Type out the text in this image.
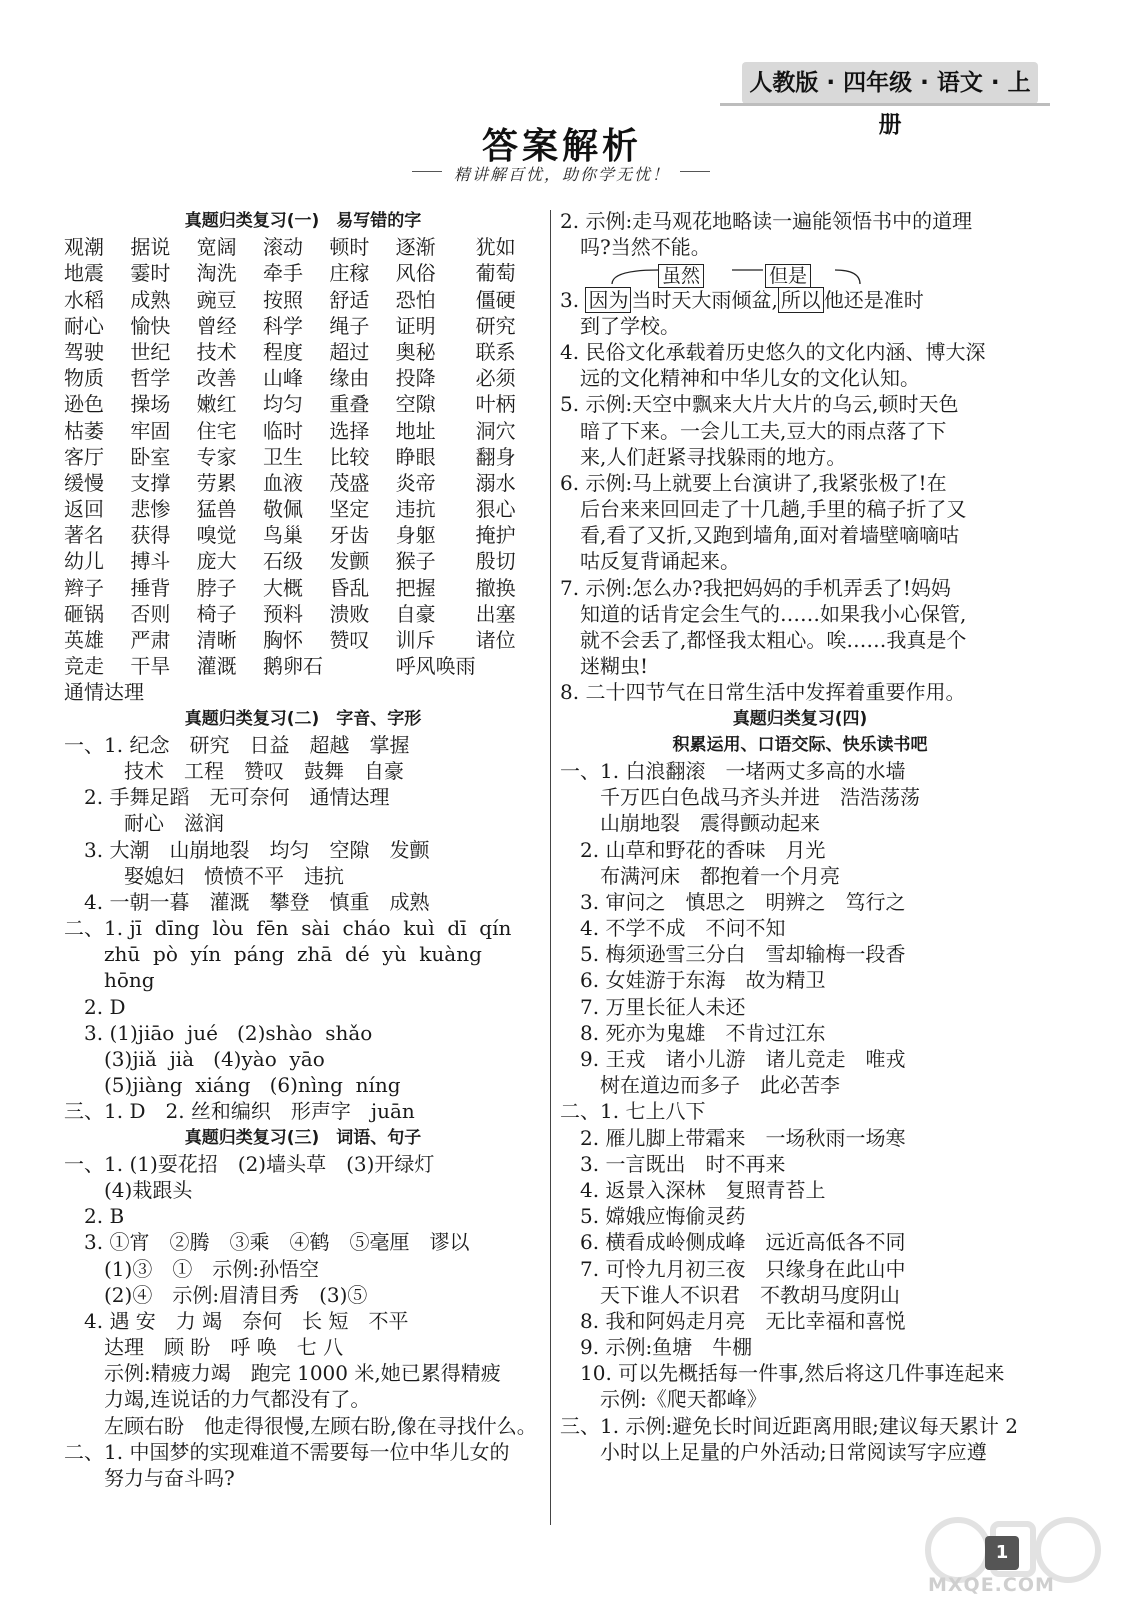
人教版 · 四年级 · 语文 · 上册
答案解析
精讲解百忧，助你学无忧！
真题归类复习(一)　易写错的字
观潮	据说	宽阔	滚动	顿时	逐渐	犹如
地震	霎时	淘洗	牵手	庄稼	风俗	葡萄
水稻	成熟	豌豆	按照	舒适	恐怕	僵硬
耐心	愉快	曾经	科学	绳子	证明	研究
驾驶	世纪	技术	程度	超过	奥秘	联系
物质	哲学	改善	山峰	缘由	投降	必须
逊色	操场	嫩红	均匀	重叠	空隙	叶柄
枯萎	牢固	住宅	临时	选择	地址	洞穴
客厅	卧室	专家	卫生	比较	睁眼	翻身
缓慢	支撑	劳累	血液	茂盛	炎帝	溺水
返回	悲惨	猛兽	敬佩	坚定	违抗	狠心
著名	获得	嗅觉	鸟巢	牙齿	身躯	掩护
幼儿	搏斗	庞大	石级	发颤	猴子	殷切
辫子	捶背	脖子	大概	昏乱	把握	撤换
砸锅	否则	椅子	预料	溃败	自豪	出塞
英雄	严肃	清晰	胸怀	赞叹	训斥	诸位
竞走	干旱	灌溉	鹅卵石	呼风唤雨
通情达理
真题归类复习(二)　字音、字形
一、1. 纪念　研究　日益　超越　掌握
　　　技术　工程　赞叹　鼓舞　自豪
　2. 手舞足蹈　无可奈何　通情达理
　　　耐心　滋润
　3. 大潮　山崩地裂　均匀　空隙　发颤
　　　娶媳妇　愤愤不平　违抗
　4. 一朝一暮　灌溉　攀登　慎重　成熟
二、1. jī  dīng  lòu  fēn  sài  cháo  kuì  dī  qín
　　zhū  pò  yín  páng  zhā  dé  yù  kuàng
　　hōng
　2. D
　3. (1)jiāo  jué   (2)shào  shǎo
　　(3)jiǎ  jià   (4)yào  yāo
　　(5)jiàng  xiáng   (6)nìng  níng
三、1. D　2. 丝和编织　形声字　juān
真题归类复习(三)　词语、句子
一、1. (1)耍花招　(2)墙头草　(3)开绿灯
　　(4)栽跟头
　2. B
　3. ①宵　②腾　③乘　④鹤　⑤毫厘　谬以
　　(1)③　①　示例:孙悟空
　　(2)④　示例:眉清目秀　(3)⑤
　4. 遇 安　力 竭　奈何　长 短　不平
　　达理　顾 盼　呼 唤　七 八
　　示例:精疲力竭　跑完 1000 米,她已累得精疲
　　力竭,连说话的力气都没有了。
　　左顾右盼　他走得很慢,左顾右盼,像在寻找什么。
二、1. 中国梦的实现难道不需要每一位中华儿女的
　　努力与奋斗吗?
2. 示例:走马观花地略读一遍能领悟书中的道理
　吗?当然不能。
虽然	但是
3. 因为 当时天大雨倾盆, 所以 他还是准时
　到了学校。
4. 民俗文化承载着历史悠久的文化内涵、博大深
　远的文化精神和中华儿女的文化认知。
5. 示例:天空中飘来大片大片的乌云,顿时天色
　暗了下来。一会儿工夫,豆大的雨点落了下
　来,人们赶紧寻找躲雨的地方。
6. 示例:马上就要上台演讲了,我紧张极了!在
　后台来来回回走了十几趟,手里的稿子折了又
　看,看了又折,又跑到墙角,面对着墙壁嘀嘀咕
　咕反复背诵起来。
7. 示例:怎么办?我把妈妈的手机弄丢了!妈妈
　知道的话肯定会生气的……如果我小心保管,
　就不会丢了,都怪我太粗心。唉……我真是个
　迷糊虫!
8. 二十四节气在日常生活中发挥着重要作用。
真题归类复习(四)
积累运用、口语交际、快乐读书吧
一、1. 白浪翻滚　一堵两丈多高的水墙
　　千万匹白色战马齐头并进　浩浩荡荡
　　山崩地裂　震得颤动起来
　2. 山草和野花的香味　月光
　　布满河床　都抱着一个月亮
　3. 审问之　慎思之　明辨之　笃行之
　4. 不学不成　不问不知
　5. 梅须逊雪三分白　雪却输梅一段香
　6. 女娃游于东海　故为精卫
　7. 万里长征人未还
　8. 死亦为鬼雄　不肯过江东
　9. 王戎　诸小儿游　诸儿竞走　唯戎
　　树在道边而多子　此必苦李
二、1. 七上八下
　2. 雁儿脚上带霜来　一场秋雨一场寒
　3. 一言既出　时不再来
　4. 返景入深林　复照青苔上
　5. 嫦娥应悔偷灵药
　6. 横看成岭侧成峰　远近高低各不同
　7. 可怜九月初三夜　只缘身在此山中
　　天下谁人不识君　不教胡马度阴山
　8. 我和阿妈走月亮　无比幸福和喜悦
　9. 示例:鱼塘　牛棚
　10. 可以先概括每一件事,然后将这几件事连起来
　　示例:《爬天都峰》
三、1. 示例:避免长时间近距离用眼;建议每天累计 2
　　小时以上足量的户外活动;日常阅读写字应遵
1
MXQE.COM
